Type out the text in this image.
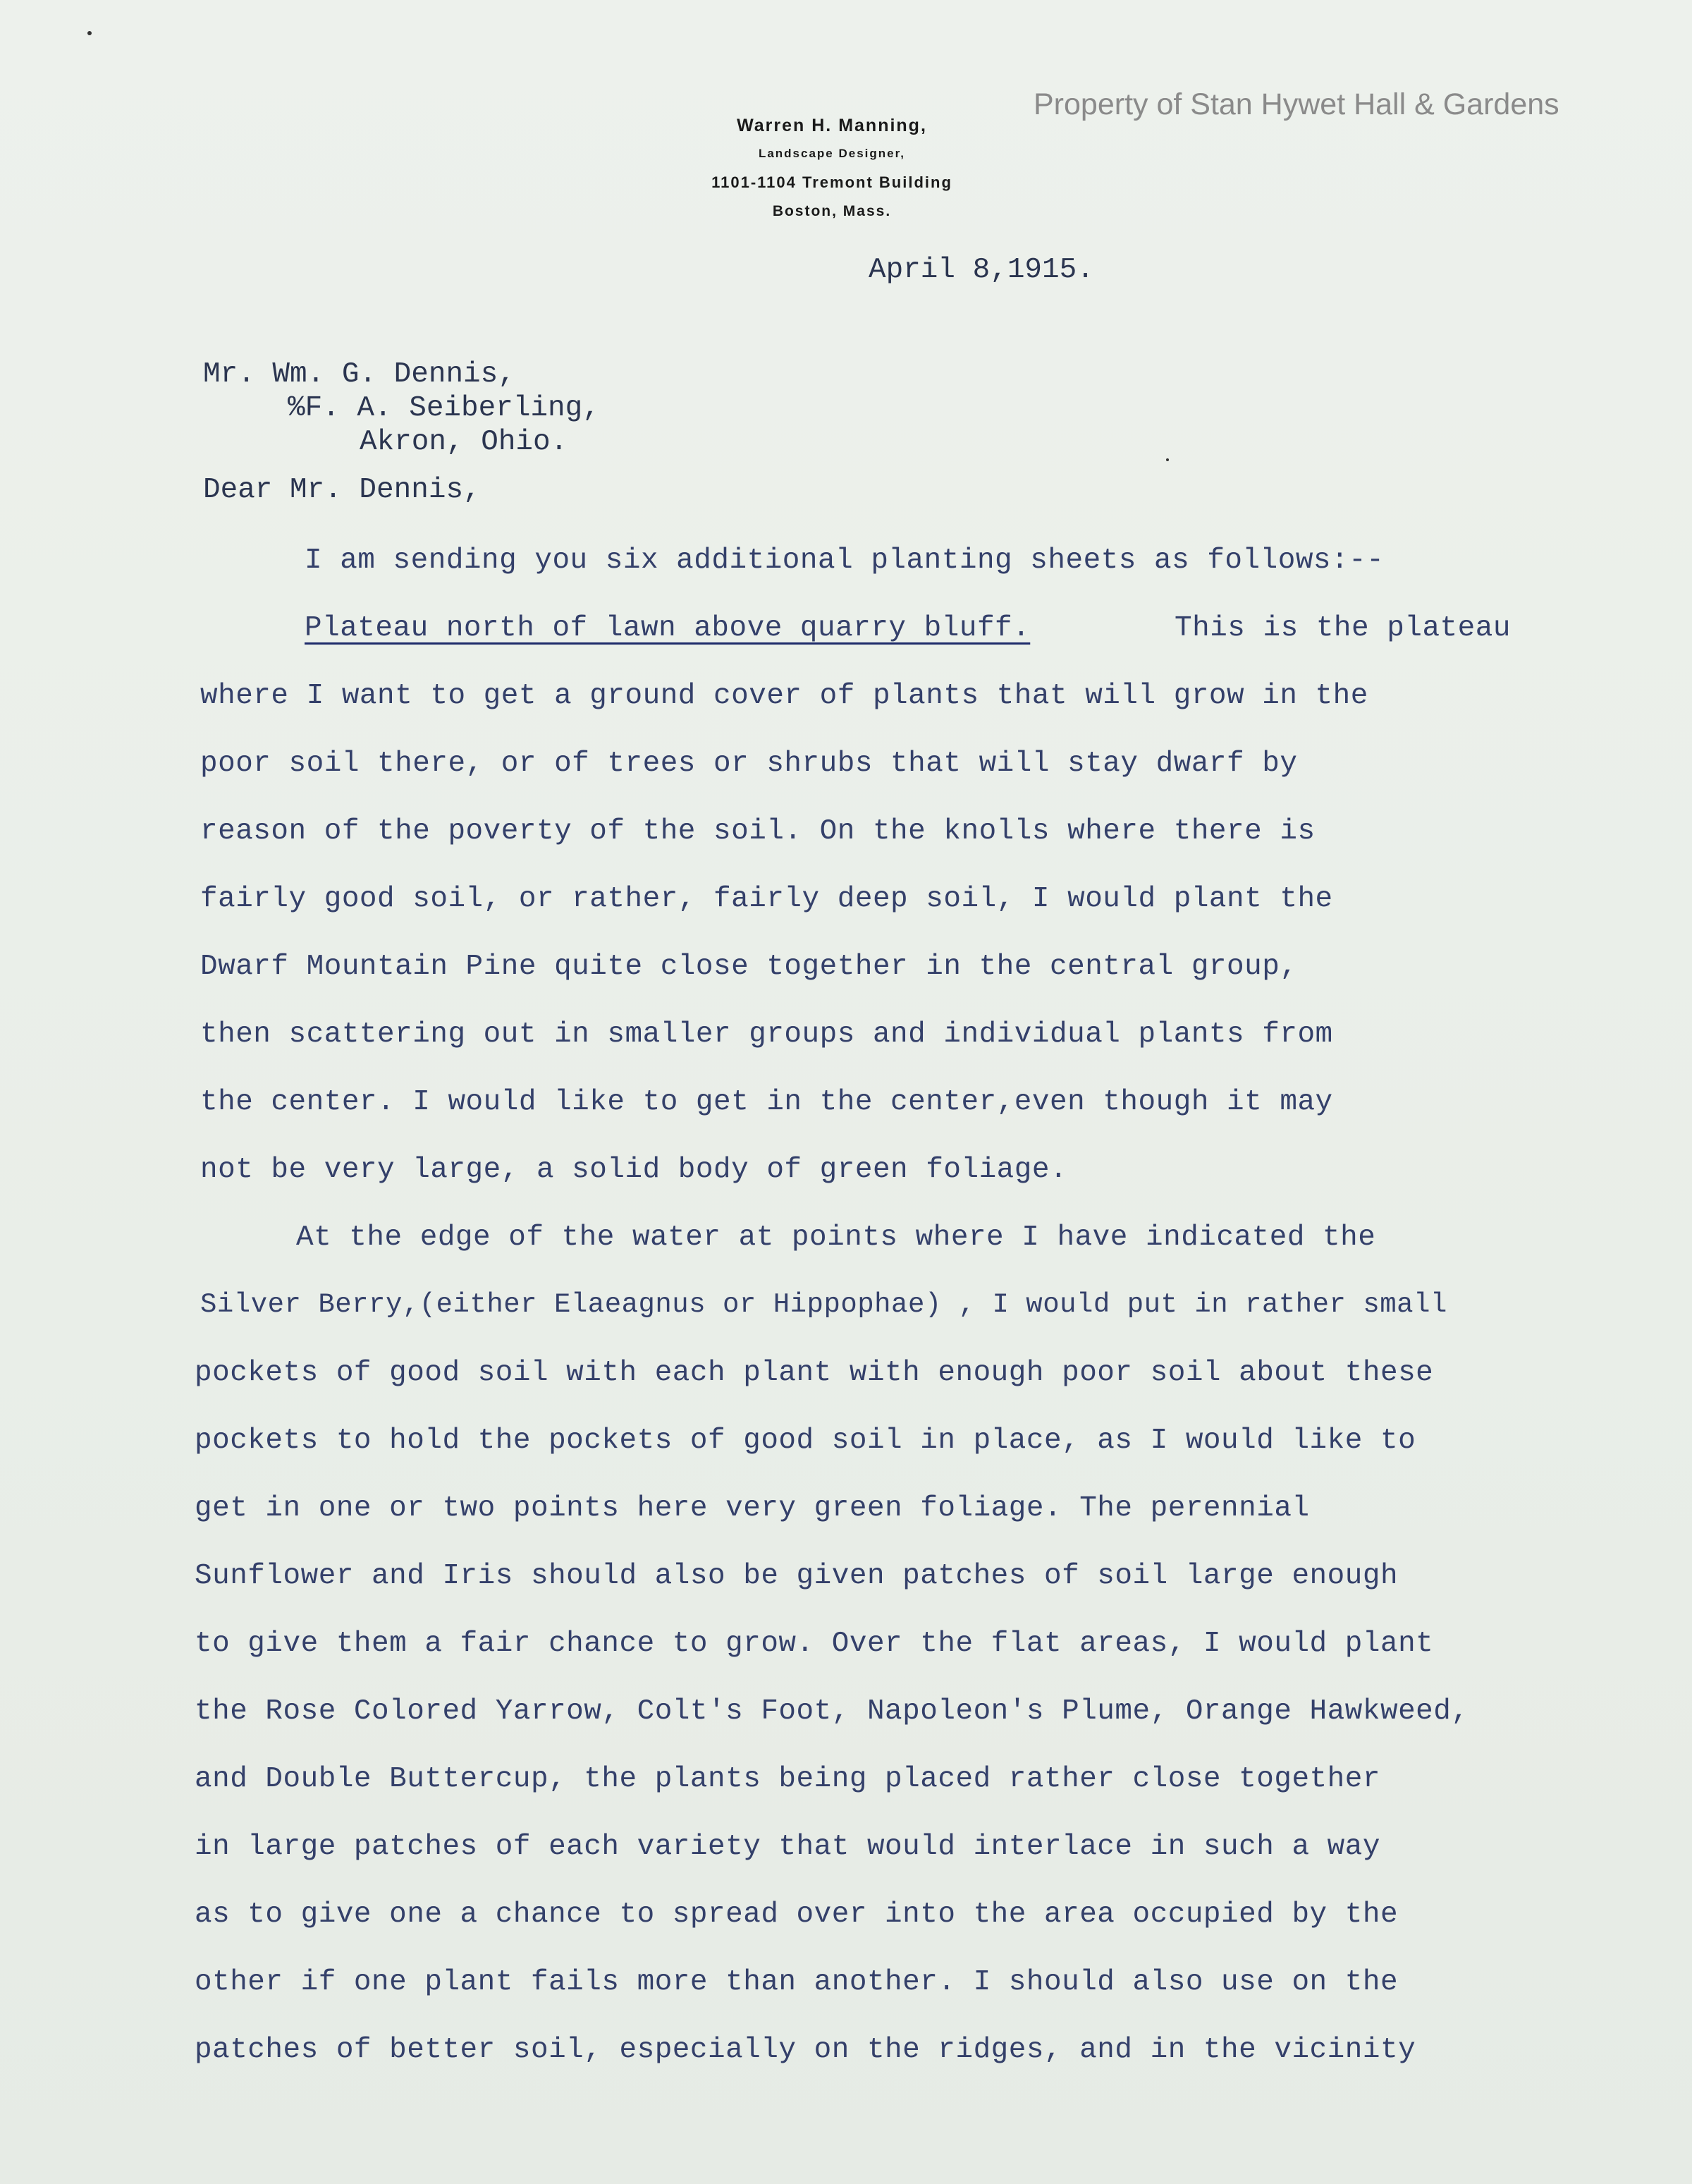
Property of Stan Hywet Hall & Gardens
Warren H. Manning,
Landscape Designer,
1101-1104 Tremont Building
Boston, Mass.
April 8,1915.
Mr. Wm. G. Dennis,
%F. A. Seiberling,
Akron, Ohio.
Dear Mr. Dennis,
I am sending you six additional planting sheets as follows:--
Plateau north of lawn above quarry bluff.	This is the plateau
where I want to get a ground cover of plants that will grow in the
poor soil there, or of trees or shrubs that will stay dwarf by
reason of the poverty of the soil. On the knolls where there is
fairly good soil, or rather, fairly deep soil, I would plant the
Dwarf Mountain Pine quite close together in the central group,
then scattering out in smaller groups and individual plants from
the center. I would like to get in the center,even though it may
not be very large, a solid body of green foliage.
At the edge of the water at points where I have indicated the
Silver Berry,(either Elaeagnus or Hippophae) , I would put in rather small
pockets of good soil with each plant with enough poor soil about these
pockets to hold the pockets of good soil in place, as I would like to
get in one or two points here very green foliage. The perennial
Sunflower and Iris should also be given patches of soil large enough
to give them a fair chance to grow. Over the flat areas, I would plant
the Rose Colored Yarrow, Colt's Foot, Napoleon's Plume, Orange Hawkweed,
and Double Buttercup, the plants being placed rather close together
in large patches of each variety that would interlace in such a way
as to give one a chance to spread over into the area occupied by the
other if one plant fails more than another. I should also use on the
patches of better soil, especially on the ridges, and in the vicinity
